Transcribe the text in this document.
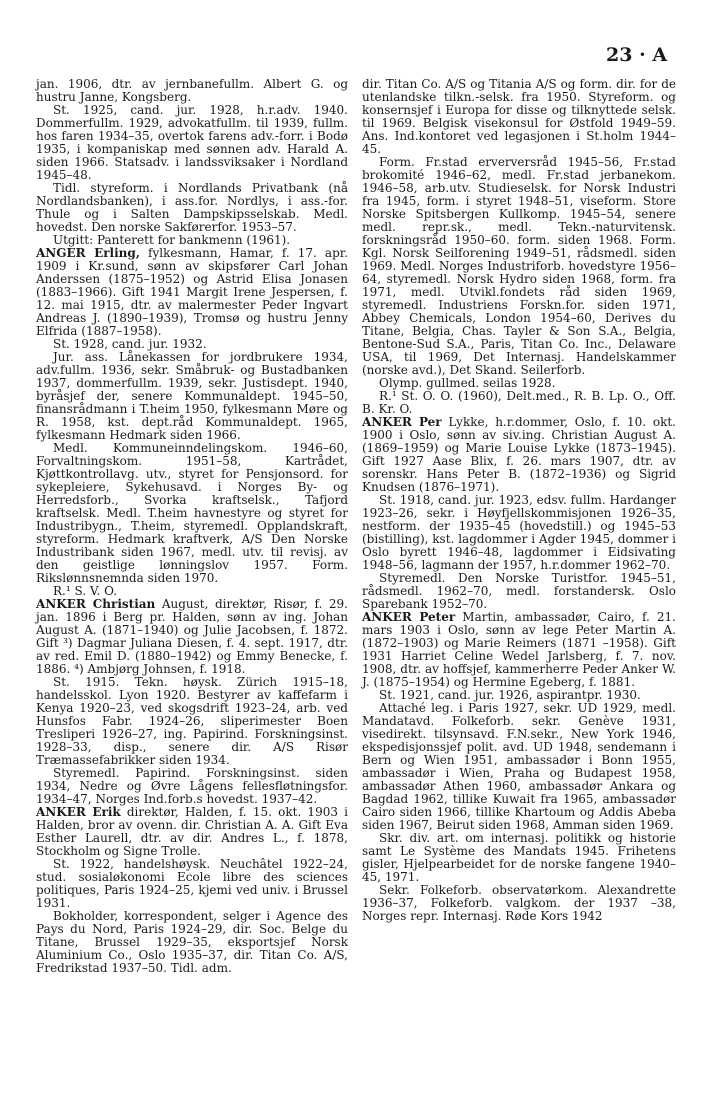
23 · A

jan. 1906, dtr. av jernbanefullm. Albert G. og hustru Janne, Kongsberg.

St. 1925, cand. jur. 1928, h.r.adv. 1940. Dommerfullm. 1929, advokatfullm. til 1939, fullm. hos faren 1934–35, overtok farens adv.-forr. i Bodø 1935, i kompaniskap med sønnen adv. Harald A. siden 1966. Statsadv. i landssviksaker i Nordland 1945–48.

Tidl. styreform. i Nordlands Privatbank (nå Nordlandsbanken), i ass.for. Nordlys, i ass.-for. Thule og i Salten Dampskipsselskab. Medl. hovedst. Den norske Sakførerfor. 1953–57.

Utgitt: Panterett for bankmenn (1961).

ANGER Erling, fylkesmann, Hamar, f. 17. apr. 1909 i Kr.sund, sønn av skipsfører Carl Johan Anderssen (1875–1952) og Astrid Elisa Jonasen (1883–1966). Gift 1941 Margit Irene Jespersen, f. 12. mai 1915, dtr. av malermester Peder Ingvart Andreas J. (1890–1939), Tromsø og hustru Jenny Elfrida (1887–1958).

St. 1928, cand. jur. 1932.

Jur. ass. Lånekassen for jordbrukere 1934, adv.fullm. 1936, sekr. Småbruk- og Bustadbanken 1937, dommerfullm. 1939, sekr. Justisdept. 1940, byråsjef der, senere Kommunaldept. 1945–50, finansrådmann i T.heim 1950, fylkesmann Møre og R. 1958, kst. dept.råd Kommunaldept. 1965, fylkesmann Hedmark siden 1966.

Medl. Kommuneinndelingskom. 1946–60, Forvaltningskom. 1951–58, Kartrådet, Kjøttkontrollavg. utv., styret for Pensjonsord. for sykepleiere, Sykehusavd. i Norges By- og Herredsforb., Svorka kraftselsk., Tafjord kraftselsk. Medl. T.heim havnestyre og styret for Industribygn., T.heim, styremedl. Opplandskraft, styreform. Hedmark kraftverk, A/S Den Norske Industribank siden 1967, medl. utv. til revisj. av den geistlige lønningslov 1957. Form. Rikslønnsnemnda siden 1970.

R.¹ S. V. O.

ANKER Christian August, direktør, Risør, f. 29. jan. 1896 i Berg pr. Halden, sønn av ing. Johan August A. (1871–1940) og Julie Jacobsen, f. 1872. Gift ³) Dagmar Juliana Diesen, f. 4. sept. 1917, dtr. av red. Emil D. (1880–1942) og Emmy Benecke, f. 1886. ⁴) Ambjørg Johnsen, f. 1918.

St. 1915. Tekn. høysk. Zürich 1915–18, handelsskol. Lyon 1920. Bestyrer av kaffefarm i Kenya 1920–23, ved skogsdrift 1923–24, arb. ved Hunsfos Fabr. 1924–26, sliperimester Boen Tresliperi 1926–27, ing. Papirind. Forskningsinst. 1928–33, disp., senere dir. A/S Risør Træmassefabrikker siden 1934.

Styremedl. Papirind. Forskningsinst. siden 1934, Nedre og Øvre Lågens fellesfløtningsfor. 1934–47, Norges Ind.forb.s hovedst. 1937–42.

ANKER Erik direktør, Halden, f. 15. okt. 1903 i Halden, bror av ovenn. dir. Christian A. A. Gift Eva Esther Laurell, dtr. av dir. Andres L., f. 1878, Stockholm og Signe Trolle.

St. 1922, handelshøysk. Neuchâtel 1922–24, stud. sosialøkonomi Ecole libre des sciences politiques, Paris 1924–25, kjemi ved univ. i Brussel 1931.

Bokholder, korrespondent, selger i Agence des Pays du Nord, Paris 1924–29, dir. Soc. Belge du Titane, Brussel 1929–35, eksportsjef Norsk Aluminium Co., Oslo 1935–37, dir. Titan Co. A/S, Fredrikstad 1937–50. Tidl. adm.

dir. Titan Co. A/S og Titania A/S og form. dir. for de utenlandske tilkn.-selsk. fra 1950. Styreform. og konsernsjef i Europa for disse og tilknyttede selsk. til 1969. Belgisk visekonsul for Østfold 1949–59. Ans. Ind.kontoret ved legasjonen i St.holm 1944–45.

Form. Fr.stad erverversråd 1945–56, Fr.stad brokomité 1946–62, medl. Fr.stad jerbanekom. 1946–58, arb.utv. Studieselsk. for Norsk Industri fra 1945, form. i styret 1948–51, viseform. Store Norske Spitsbergen Kullkomp. 1945–54, senere medl. repr.sk., medl. Tekn.-naturvitensk. forskningsråd 1950–60. form. siden 1968. Form. Kgl. Norsk Seilforening 1949–51, rådsmedl. siden 1969. Medl. Norges Industriforb. hovedstyre 1956–64, styremedl. Norsk Hydro siden 1968, form. fra 1971, medl. Utvikl.fondets råd siden 1969, styremedl. Industriens Forskn.for. siden 1971, Abbey Chemicals, London 1954–60, Derives du Titane, Belgia, Chas. Tayler & Son S.A., Belgia, Bentone-Sud S.A., Paris, Titan Co. Inc., Delaware USA, til 1969, Det Internasj. Handelskammer (norske avd.), Det Skand. Seilerforb.

Olymp. gullmed. seilas 1928.

R.¹ St. O. O. (1960), Delt.med., R. B. Lp. O., Off. B. Kr. O.

ANKER Per Lykke, h.r.dommer, Oslo, f. 10. okt. 1900 i Oslo, sønn av siv.ing. Christian August A. (1869–1959) og Marie Louise Lykke (1873–1945). Gift 1927 Aase Blix, f. 26. mars 1907, dtr. av sorenskr. Hans Peter B. (1872–1936) og Sigrid Knudsen (1876–1971).

St. 1918, cand. jur. 1923, edsv. fullm. Hardanger 1923–26, sekr. i Høyfjellskommisjonen 1926–35, nestform. der 1935–45 (hovedstill.) og 1945–53 (bistilling), kst. lagdommer i Agder 1945, dommer i Oslo byrett 1946–48, lagdommer i Eidsivating 1948–56, lagmann der 1957, h.r.dommer 1962–70.

Styremedl. Den Norske Turistfor. 1945–51, rådsmedl. 1962–70, medl. forstandersk. Oslo Sparebank 1952–70.

ANKER Peter Martin, ambassadør, Cairo, f. 21. mars 1903 i Oslo, sønn av lege Peter Martin A. (1872–1903) og Marie Reimers (1871 –1958). Gift 1931 Harriet Celine Wedel Jarlsberg, f. 7. nov. 1908, dtr. av hoffsjef, kammerherre Peder Anker W. J. (1875–1954) og Hermine Egeberg, f. 1881.

St. 1921, cand. jur. 1926, aspirantpr. 1930.

Attaché leg. i Paris 1927, sekr. UD 1929, medl. Mandatavd. Folkeforb. sekr. Genève 1931, visedirekt. tilsynsavd. F.N.sekr., New York 1946, ekspedisjonssjef polit. avd. UD 1948, sendemann i Bern og Wien 1951, ambassadør i Bonn 1955, ambassadør i Wien, Praha og Budapest 1958, ambassadør Athen 1960, ambassadør Ankara og Bagdad 1962, tillike Kuwait fra 1965, ambassadør Cairo siden 1966, tillike Khartoum og Addis Abeba siden 1967, Beirut siden 1968, Amman siden 1969.

Skr. div. art. om internasj. politikk og historie samt Le Système des Mandats 1945. Frihetens gisler, Hjelpearbeidet for de norske fangene 1940–45, 1971.

Sekr. Folkeforb. observatørkom. Alexandrette 1936–37, Folkeforb. valgkom. der 1937 –38, Norges repr. Internasj. Røde Kors 1942
